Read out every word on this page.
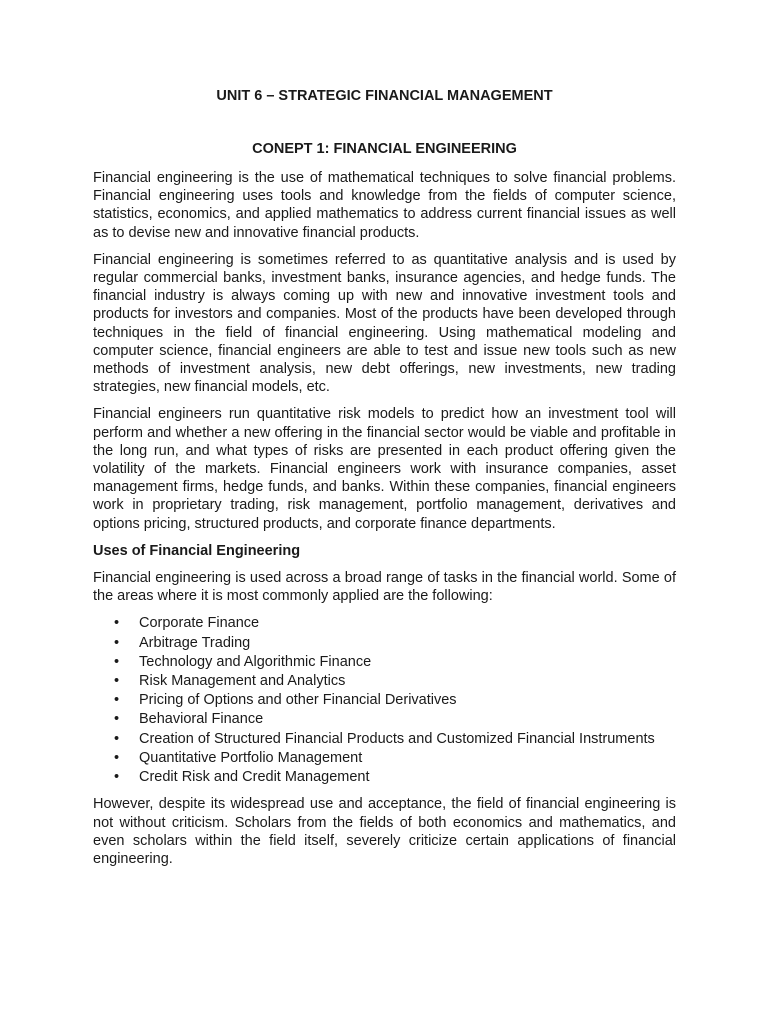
UNIT 6 – STRATEGIC FINANCIAL MANAGEMENT
CONEPT 1: FINANCIAL ENGINEERING

Financial engineering is the use of mathematical techniques to solve financial problems. Financial engineering uses tools and knowledge from the fields of computer science, statistics, economics, and applied mathematics to address current financial issues as well as to devise new and innovative financial products.

Financial engineering is sometimes referred to as quantitative analysis and is used by regular commercial banks, investment banks, insurance agencies, and hedge funds. The financial industry is always coming up with new and innovative investment tools and products for investors and companies. Most of the products have been developed through techniques in the field of financial engineering. Using mathematical modeling and computer science, financial engineers are able to test and issue new tools such as new methods of investment analysis, new debt offerings, new investments, new trading strategies, new financial models, etc.

Financial engineers run quantitative risk models to predict how an investment tool will perform and whether a new offering in the financial sector would be viable and profitable in the long run, and what types of risks are presented in each product offering given the volatility of the markets. Financial engineers work with insurance companies, asset management firms, hedge funds, and banks. Within these companies, financial engineers work in proprietary trading, risk management, portfolio management, derivatives and options pricing, structured products, and corporate finance departments.

Uses of Financial Engineering

Financial engineering is used across a broad range of tasks in the financial world. Some of the areas where it is most commonly applied are the following:

• Corporate Finance
• Arbitrage Trading
• Technology and Algorithmic Finance
• Risk Management and Analytics
• Pricing of Options and other Financial Derivatives
• Behavioral Finance
• Creation of Structured Financial Products and Customized Financial Instruments
• Quantitative Portfolio Management
• Credit Risk and Credit Management

However, despite its widespread use and acceptance, the field of financial engineering is not without criticism. Scholars from the fields of both economics and mathematics, and even scholars within the field itself, severely criticize certain applications of financial engineering.
